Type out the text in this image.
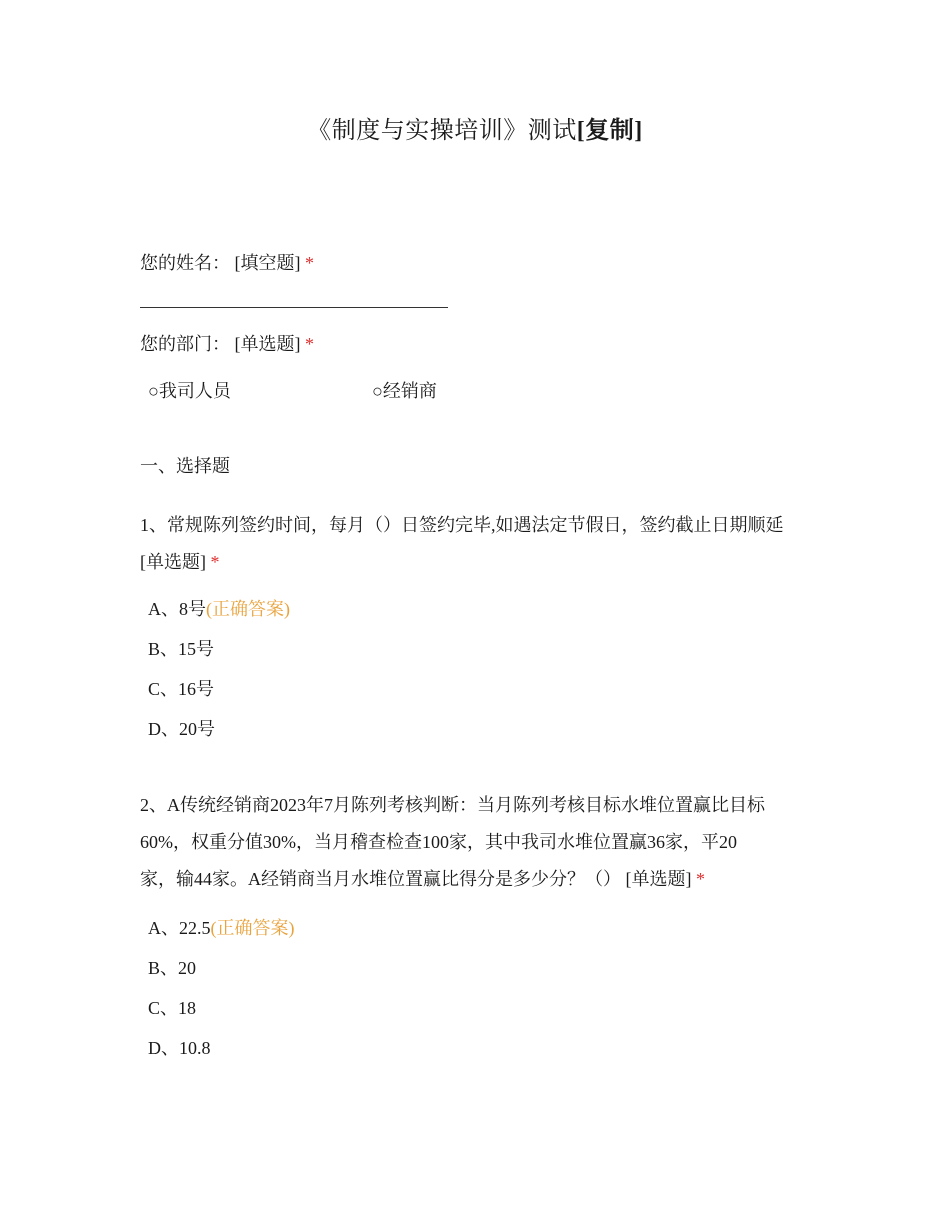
《制度与实操培训》测试[复制]
您的姓名： [填空题] *
您的部门： [单选题] *
○我司人员	○经销商
一、选择题
1、常规陈列签约时间，每月（）日签约完毕,如遇法定节假日，签约截止日期顺延
[单选题] *
A、8号(正确答案)
B、15号
C、16号
D、20号
2、A传统经销商2023年7月陈列考核判断：当月陈列考核目标水堆位置赢比目标
60%，权重分值30%，当月稽查检查100家，其中我司水堆位置赢36家，平20
家，输44家。A经销商当月水堆位置赢比得分是多少分？（） [单选题] *
A、22.5(正确答案)
B、20
C、18
D、10.8
